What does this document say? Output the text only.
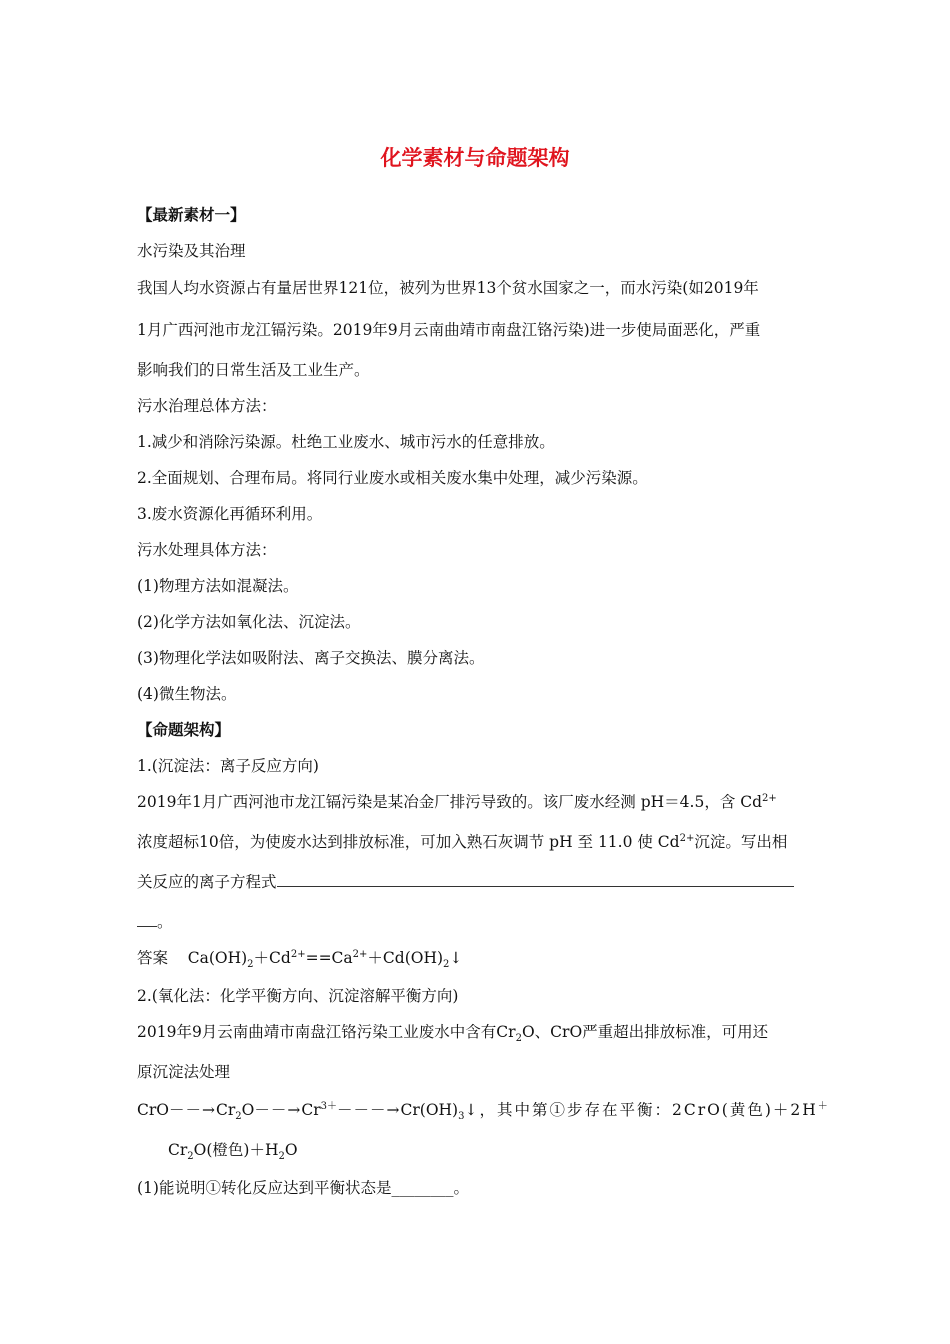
化学素材与命题架构
【最新素材一】
水污染及其治理
我国人均水资源占有量居世界121位，被列为世界13个贫水国家之一，而水污染(如2019年
1月广西河池市龙江镉污染。2019年9月云南曲靖市南盘江铬污染)进一步使局面恶化，严重
影响我们的日常生活及工业生产。
污水治理总体方法：
1.减少和消除污染源。杜绝工业废水、城市污水的任意排放。
2.全面规划、合理布局。将同行业废水或相关废水集中处理，减少污染源。
3.废水资源化再循环利用。
污水处理具体方法：
(1)物理方法如混凝法。
(2)化学方法如氧化法、沉淀法。
(3)物理化学法如吸附法、离子交换法、膜分离法。
(4)微生物法。
【命题架构】
1.(沉淀法：离子反应方向)
2019年1月广西河池市龙江镉污染是某冶金厂排污导致的。该厂废水经测 pH＝4.5，含 $Cd^{2+}$
浓度超标10倍，为使废水达到排放标准，可加入熟石灰调节 pH 至 11.0 使 $Cd^{2+}$沉淀。写出相
关反应的离子方程式
。
答案 $Ca(OH)_2+Cd^{2+}==Ca^{2+}+Cd(OH)_2↓$
2.(氧化法：化学平衡方向、沉淀溶解平衡方向)
2019年9月云南曲靖市南盘江铬污染工业废水中含有$Cr_2O$、CrO严重超出排放标准，可用还
原沉淀法处理
$CrO--\to Cr_2O--\to Cr^{3+}---\to Cr(OH)_3↓$，其中第①步存在平衡：2CrO(黄色)＋2H＋
$Cr_2O$(橙色)$+H_2O$
(1)能说明①转化反应达到平衡状态是________。
